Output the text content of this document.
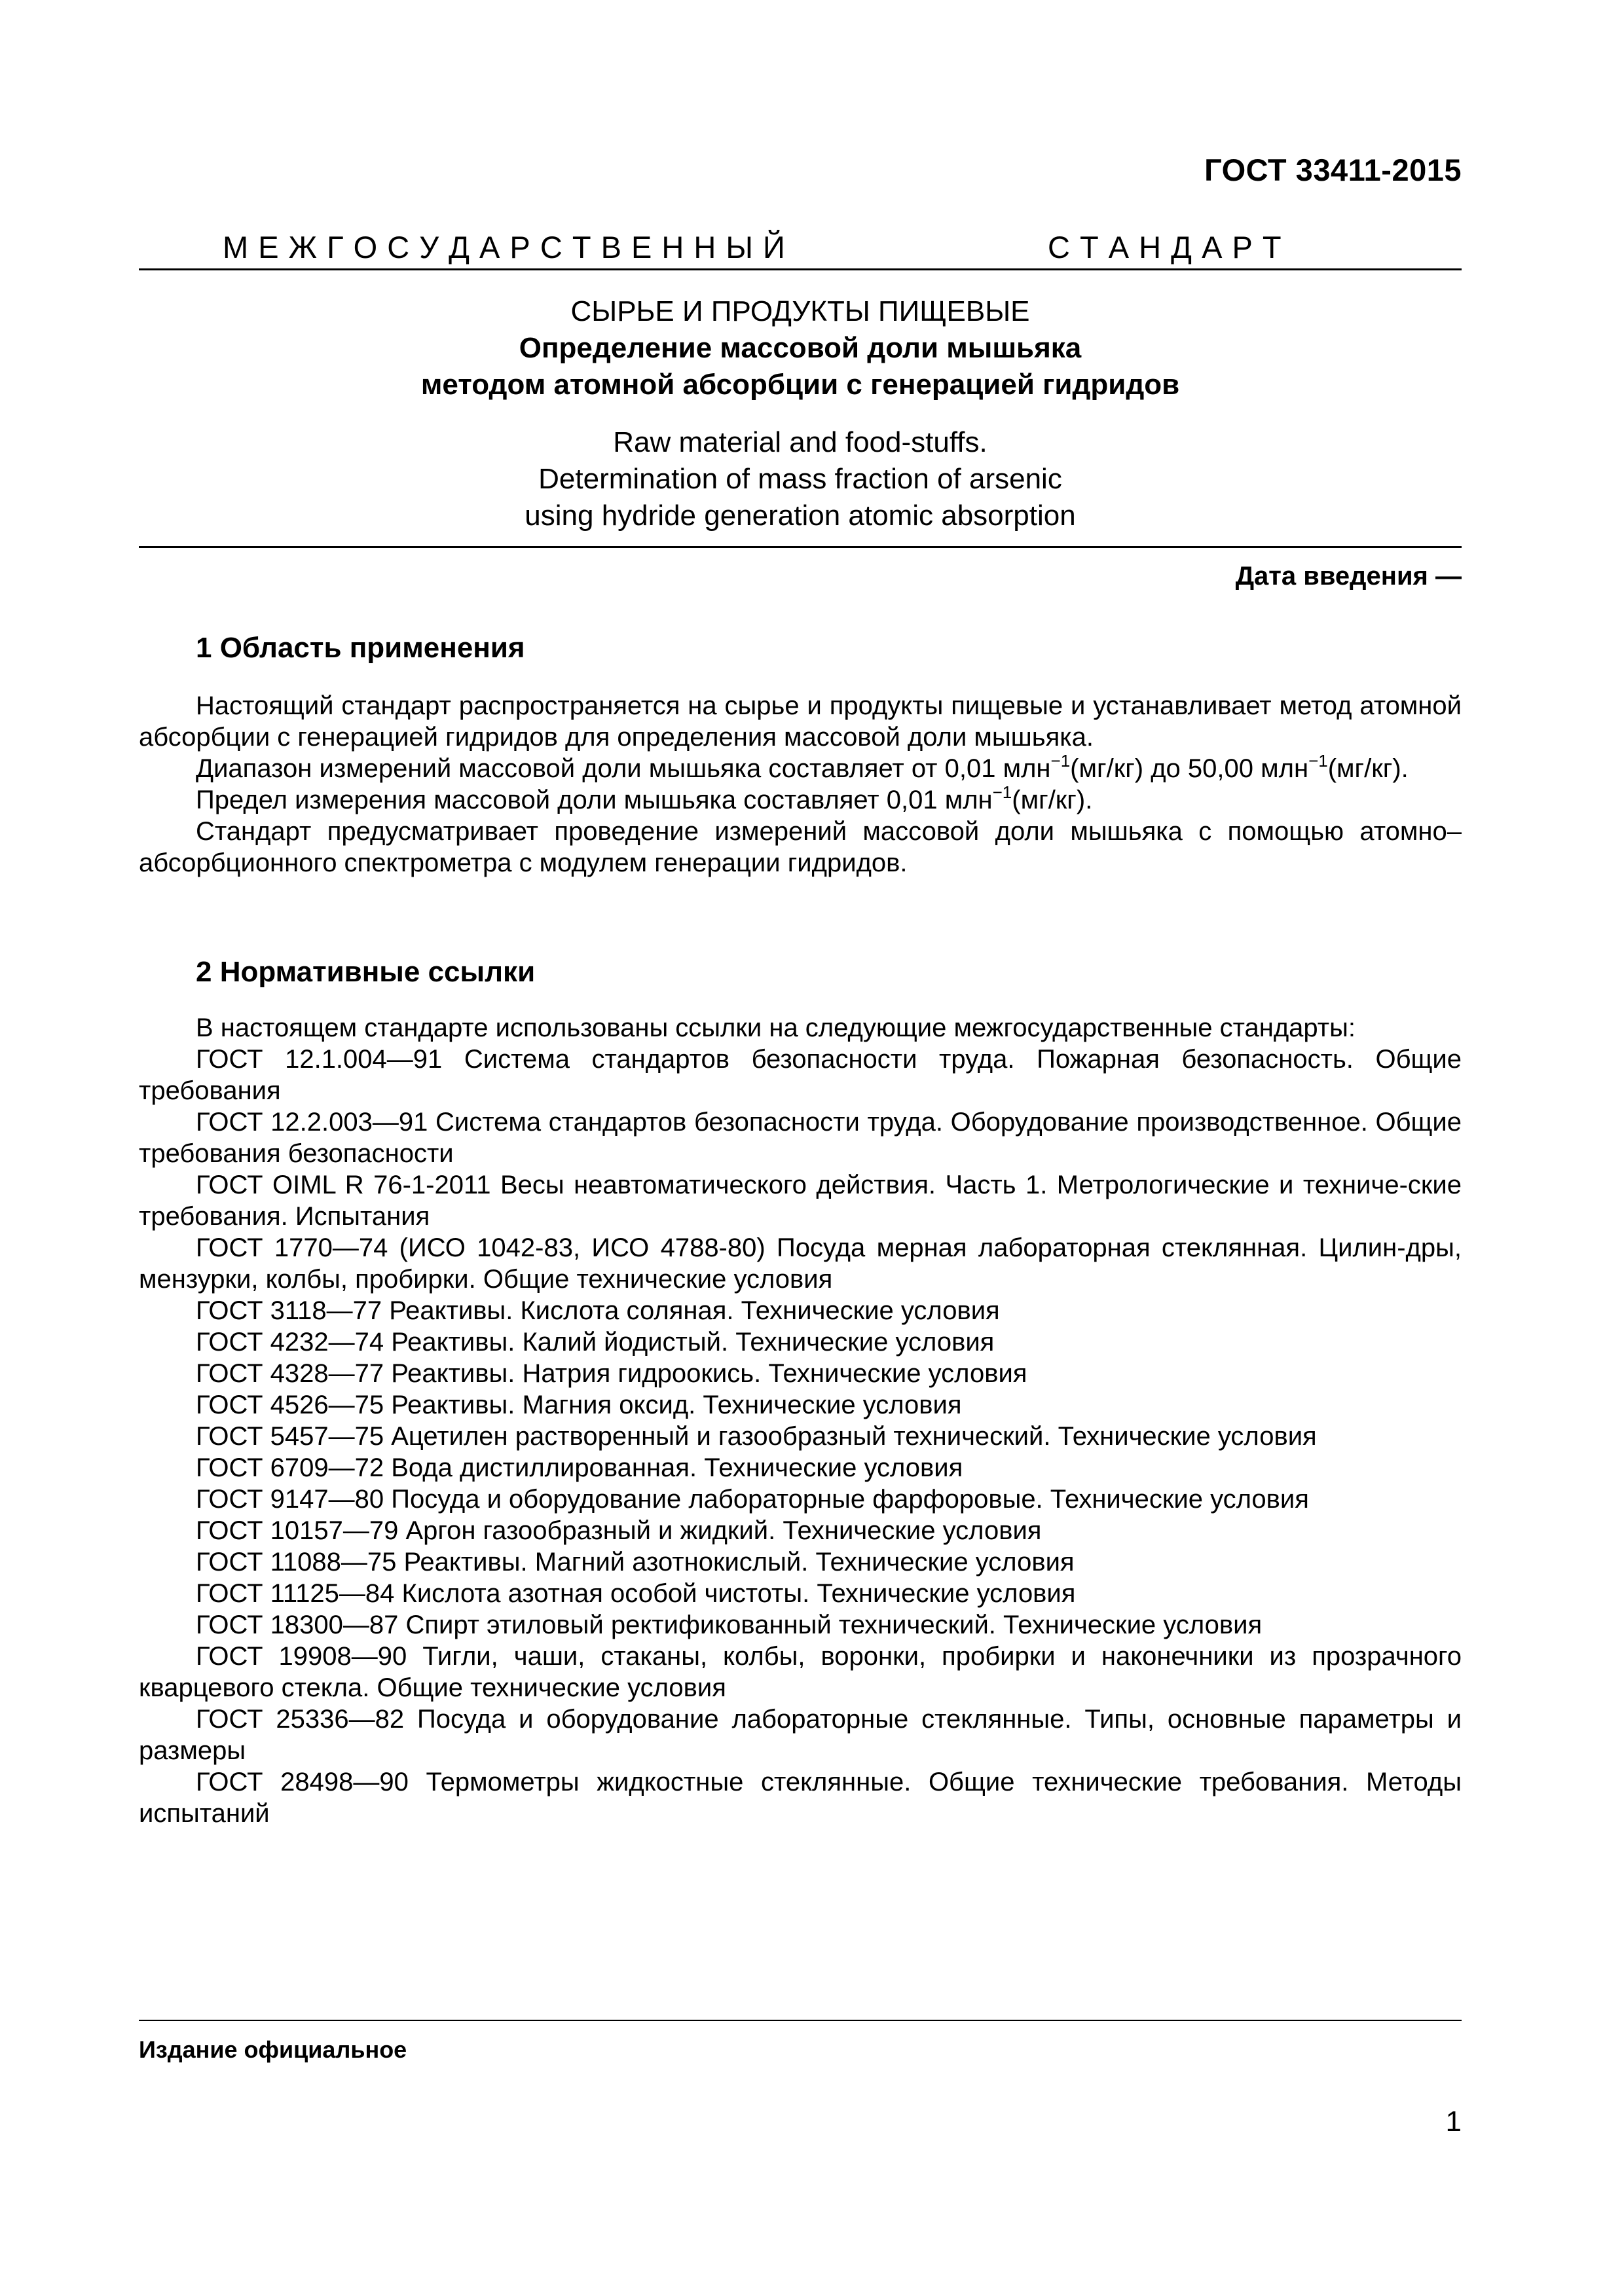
ГОСТ 33411-2015
М Е Ж Г О С У Д А Р С Т В Е Н Н Ы Й	С Т А Н Д А Р Т
СЫРЬЕ И ПРОДУКТЫ ПИЩЕВЫЕ
Определение массовой доли мышьяка
методом атомной абсорбции с генерацией гидридов
Raw material and food-stuffs.
Determination of mass fraction of arsenic
using hydride generation atomic absorption
Дата введения —
1 Область применения

Настоящий стандарт распространяется на сырье и продукты пищевые и устанавливает метод атомной абсорбции с генерацией гидридов для определения массовой доли мышьяка.

Диапазон измерений массовой доли мышьяка составляет от 0,01 млн$^{-1}$(мг/кг) до 50,00 млн$^{-1}$(мг/кг).

Предел измерения массовой доли мышьяка составляет 0,01 млн$^{-1}$(мг/кг).

Стандарт предусматривает проведение измерений массовой доли мышьяка с помощью атомно–абсорбционного спектрометра с модулем генерации гидридов.

2 Нормативные ссылки

В настоящем стандарте использованы ссылки на следующие межгосударственные стандарты:

ГОСТ 12.1.004—91 Система стандартов безопасности труда. Пожарная безопасность. Общие требования

ГОСТ 12.2.003—91 Система стандартов безопасности труда. Оборудование производственное. Общие требования безопасности

ГОСТ OIML R 76-1-2011 Весы неавтоматического действия. Часть 1. Метрологические и техниче-ские требования. Испытания

ГОСТ 1770—74 (ИСО 1042-83, ИСО 4788-80) Посуда мерная лабораторная стеклянная. Цилин-дры, мензурки, колбы, пробирки. Общие технические условия

ГОСТ 3118—77 Реактивы. Кислота соляная. Технические условия

ГОСТ 4232—74 Реактивы. Калий йодистый. Технические условия

ГОСТ 4328—77 Реактивы. Натрия гидроокись. Технические условия

ГОСТ 4526—75 Реактивы. Магния оксид. Технические условия

ГОСТ 5457—75 Ацетилен растворенный и газообразный технический. Технические условия

ГОСТ 6709—72 Вода дистиллированная. Технические условия

ГОСТ 9147—80 Посуда и оборудование лабораторные фарфоровые. Технические условия

ГОСТ 10157—79 Аргон газообразный и жидкий. Технические условия

ГОСТ 11088—75 Реактивы. Магний азотнокислый. Технические условия

ГОСТ 11125—84 Кислота азотная особой чистоты. Технические условия

ГОСТ 18300—87 Спирт этиловый ректификованный технический. Технические условия

ГОСТ 19908—90 Тигли, чаши, стаканы, колбы, воронки, пробирки и наконечники из прозрачного кварцевого стекла. Общие технические условия

ГОСТ 25336—82 Посуда и оборудование лабораторные стеклянные. Типы, основные параметры и размеры

ГОСТ 28498—90 Термометры жидкостные стеклянные. Общие технические требования. Методы испытаний

Издание официальное
1
